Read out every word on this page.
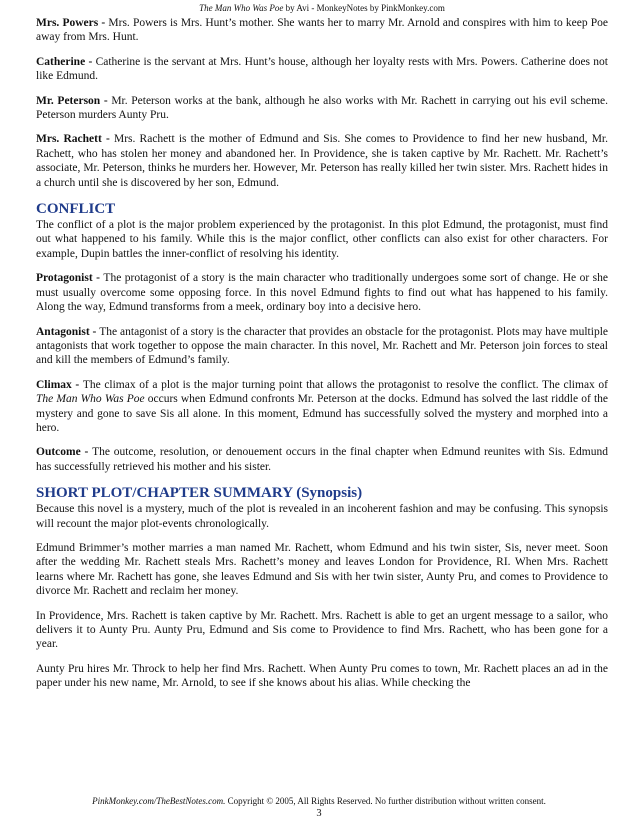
The Man Who Was Poe by Avi - MonkeyNotes by PinkMonkey.com

Mrs. Powers - Mrs. Powers is Mrs. Hunt’s mother. She wants her to marry Mr. Arnold and conspires with him to keep Poe away from Mrs. Hunt.

Catherine - Catherine is the servant at Mrs. Hunt’s house, although her loyalty rests with Mrs. Powers. Catherine does not like Edmund.

Mr. Peterson - Mr. Peterson works at the bank, although he also works with Mr. Rachett in carrying out his evil scheme. Peterson murders Aunty Pru.

Mrs. Rachett - Mrs. Rachett is the mother of Edmund and Sis. She comes to Providence to find her new husband, Mr. Rachett, who has stolen her money and abandoned her. In Providence, she is taken captive by Mr. Rachett. Mr. Rachett’s associate, Mr. Peterson, thinks he murders her. However, Mr. Peterson has really killed her twin sister. Mrs. Rachett hides in a church until she is discovered by her son, Edmund.

CONFLICT

The conflict of a plot is the major problem experienced by the protagonist. In this plot Edmund, the protagonist, must find out what happened to his family. While this is the major conflict, other conflicts can also exist for other characters. For example, Dupin battles the inner-conflict of resolving his identity.

Protagonist - The protagonist of a story is the main character who traditionally undergoes some sort of change. He or she must usually overcome some opposing force. In this novel Edmund fights to find out what has happened to his family. Along the way, Edmund transforms from a meek, ordinary boy into a decisive hero.

Antagonist - The antagonist of a story is the character that provides an obstacle for the protagonist. Plots may have multiple antagonists that work together to oppose the main character. In this novel, Mr. Rachett and Mr. Peterson join forces to steal and kill the members of Edmund’s family.

Climax - The climax of a plot is the major turning point that allows the protagonist to resolve the conflict. The climax of The Man Who Was Poe occurs when Edmund confronts Mr. Peterson at the docks. Edmund has solved the last riddle of the mystery and gone to save Sis all alone. In this moment, Edmund has successfully solved the mystery and morphed into a hero.

Outcome - The outcome, resolution, or denouement occurs in the final chapter when Edmund reunites with Sis. Edmund has successfully retrieved his mother and his sister.

SHORT PLOT/CHAPTER SUMMARY (Synopsis)

Because this novel is a mystery, much of the plot is revealed in an incoherent fashion and may be confusing. This synopsis will recount the major plot-events chronologically.

Edmund Brimmer’s mother marries a man named Mr. Rachett, whom Edmund and his twin sister, Sis, never meet. Soon after the wedding Mr. Rachett steals Mrs. Rachett’s money and leaves London for Providence, RI. When Mrs. Rachett learns where Mr. Rachett has gone, she leaves Edmund and Sis with her twin sister, Aunty Pru, and comes to Providence to divorce Mr. Rachett and reclaim her money.

In Providence, Mrs. Rachett is taken captive by Mr. Rachett. Mrs. Rachett is able to get an urgent message to a sailor, who delivers it to Aunty Pru. Aunty Pru, Edmund and Sis come to Providence to find Mrs. Rachett, who has been gone for a year.

Aunty Pru hires Mr. Throck to help her find Mrs. Rachett. When Aunty Pru comes to town, Mr. Rachett places an ad in the paper under his new name, Mr. Arnold, to see if she knows about his alias. While checking the

PinkMonkey.com/TheBestNotes.com. Copyright © 2005, All Rights Reserved. No further distribution without written consent.
3
